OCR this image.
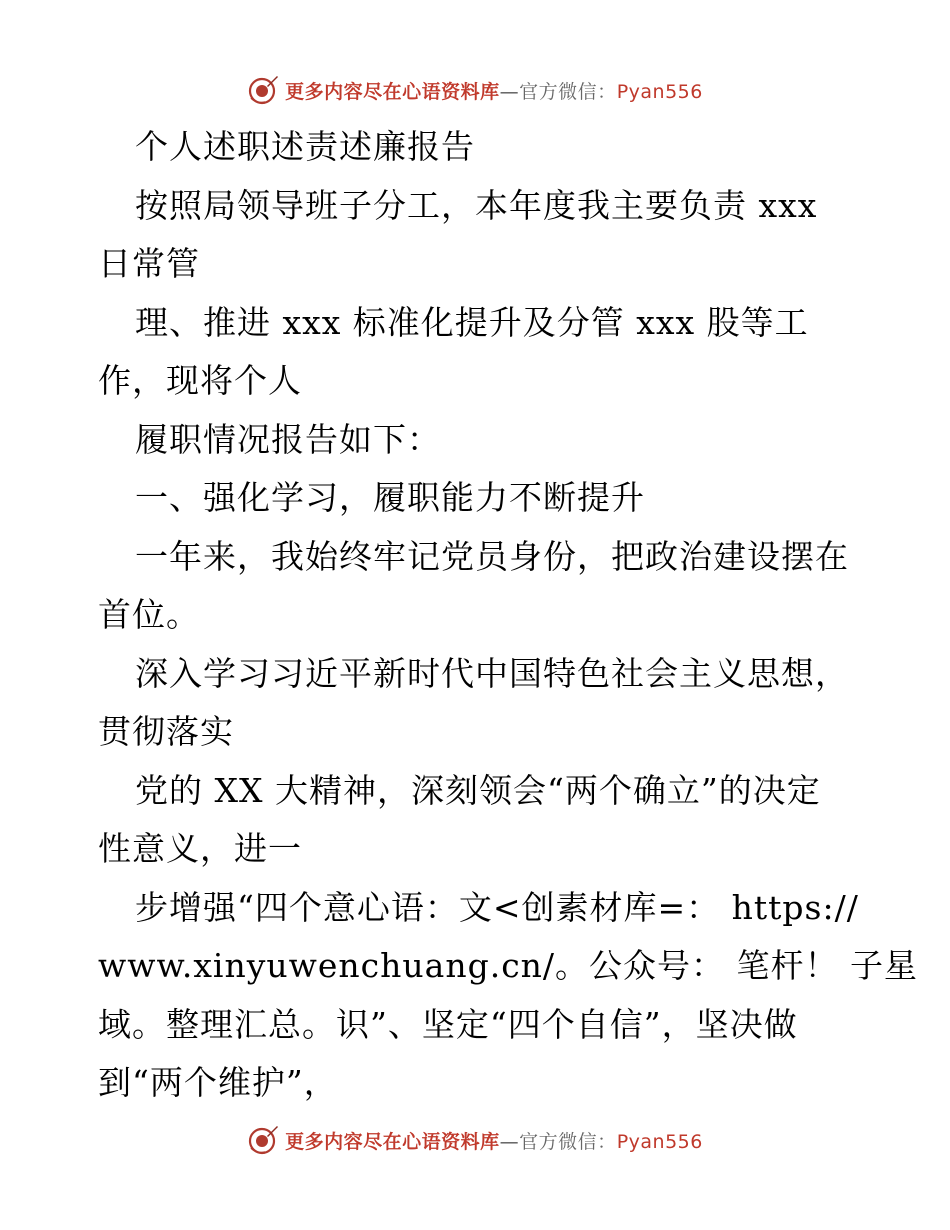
更多内容尽在心语资料库—官方微信：Pyan556
个人述职述责述廉报告
按照局领导班子分工，本年度我主要负责 xxx
日常管
理、推进 xxx 标准化提升及分管 xxx 股等工
作，现将个人
履职情况报告如下：
一、强化学习，履职能力不断提升
一年来，我始终牢记党员身份，把政治建设摆在
首位。
深入学习习近平新时代中国特色社会主义思想，
贯彻落实
党的 XX 大精神，深刻领会“两个确立”的决定
性意义，进一
步增强“四个意心语：文<创素材库=： https://
www.xinyuwenchuang.cn/。公众号： 笔杆！ 子星
域。整理汇总。识”、坚定“四个自信”，坚决做
到“两个维护”，
更多内容尽在心语资料库—官方微信：Pyan556
